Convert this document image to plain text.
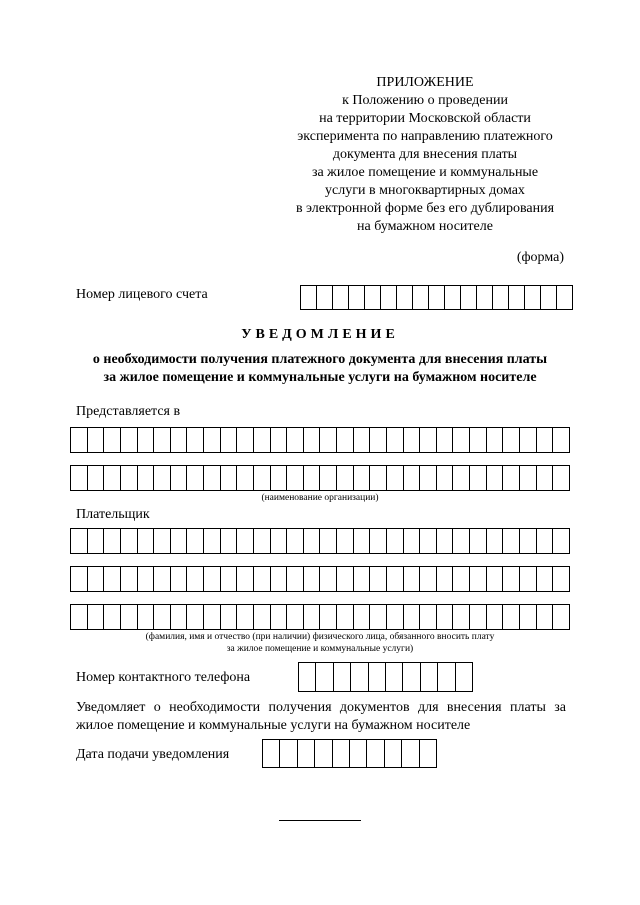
ПРИЛОЖЕНИЕ
к Положению о проведении
на территории Московской области
эксперимента по направлению платежного
документа для внесения платы
за жилое помещение и коммунальные
услуги в многоквартирных домах
в электронной форме без его дублирования
на бумажном носителе
(форма)
Номер лицевого счета
УВЕДОМЛЕНИЕ
о необходимости получения платежного документа для внесения платы
за жилое помещение и коммунальные услуги на бумажном носителе
Представляется в
(наименование организации)
Плательщик
(фамилия, имя и отчество (при наличии) физического лица, обязанного вносить плату
за жилое помещение и коммунальные услуги)
Номер контактного телефона
Уведомляет о необходимости получения документов для внесения платы за жилое помещение и коммунальные услуги на бумажном носителе
Дата подачи уведомления
